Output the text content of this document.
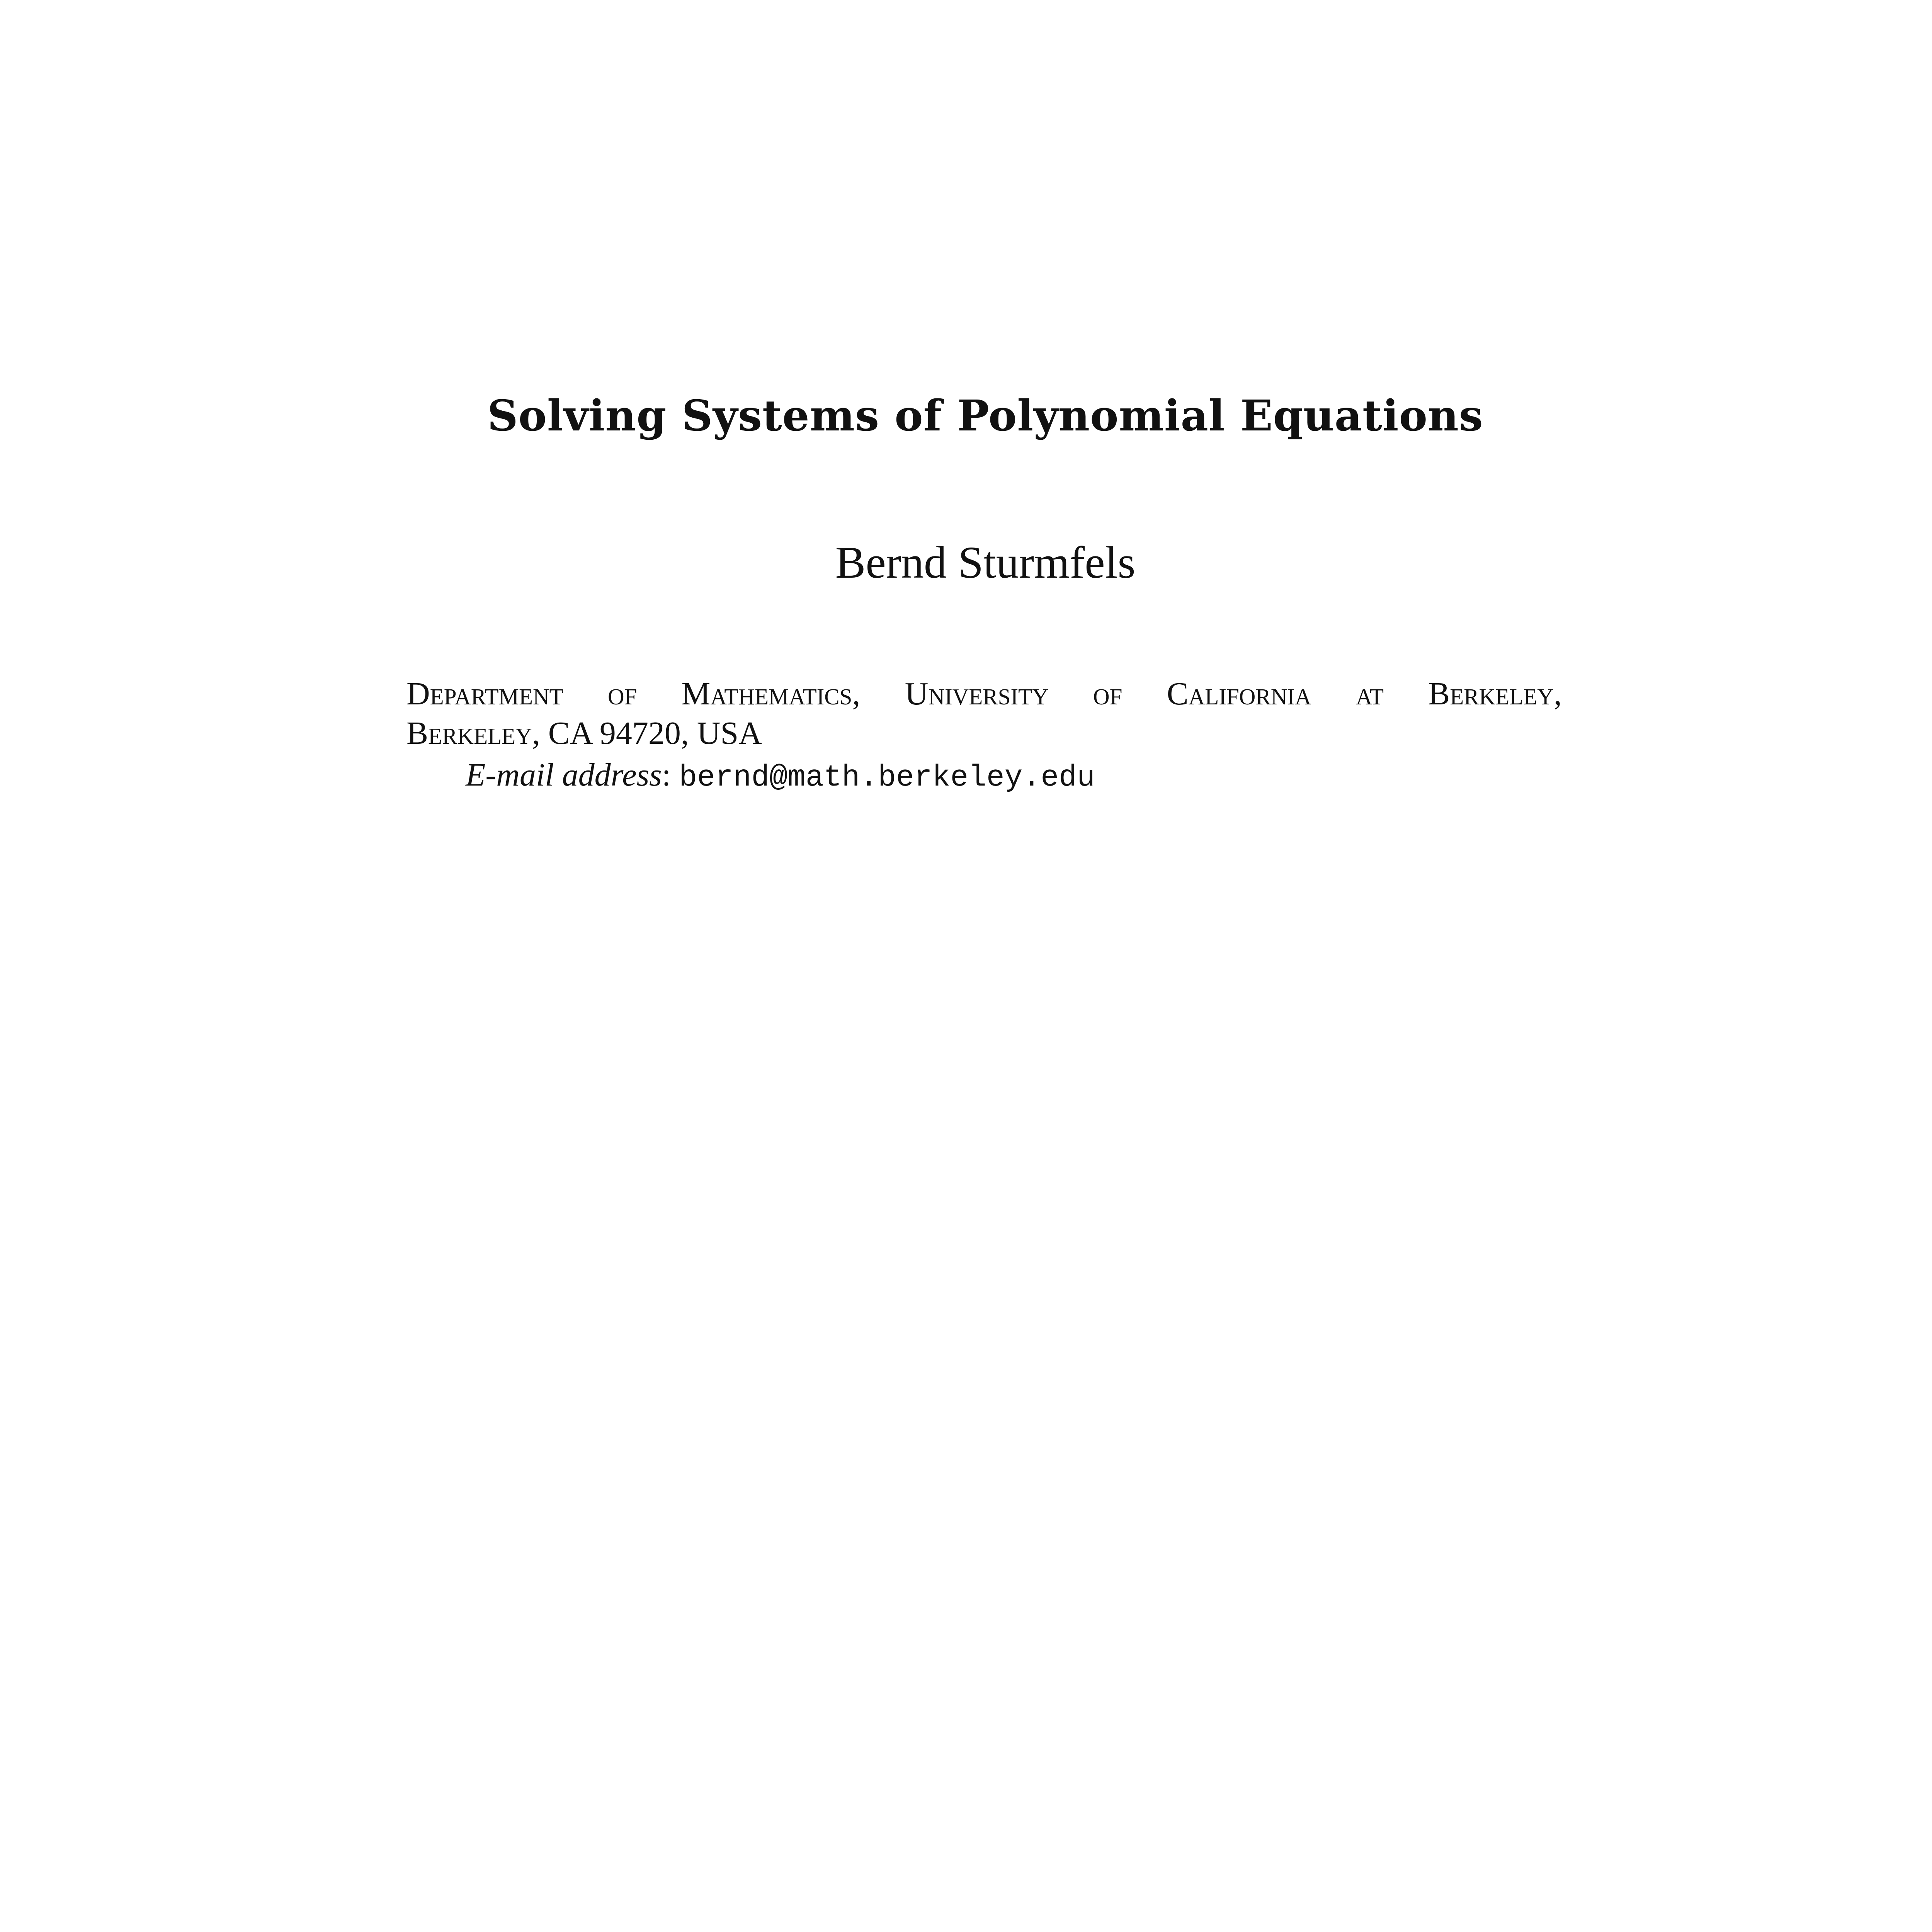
Solving Systems of Polynomial Equations
Bernd Sturmfels
Department of Mathematics, University of California at Berkeley,
Berkeley, CA 94720, USA
E-mail address: bernd@math.berkeley.edu
